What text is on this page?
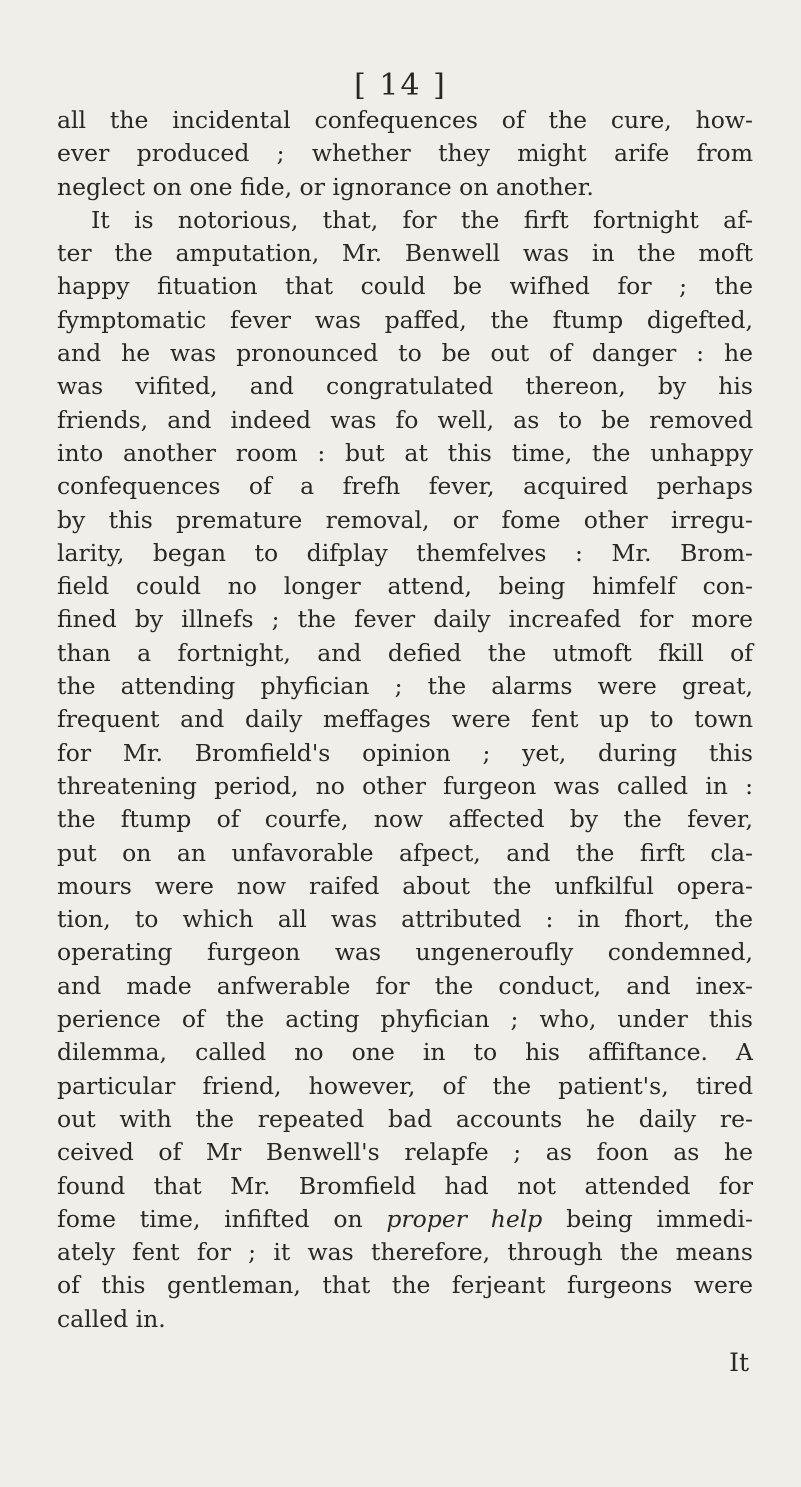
[ 14 ]
all the incidental confequences of the cure, how-
ever produced ; whether they might arife from
neglect on one fide, or ignorance on another.
It is notorious, that, for the firft fortnight af-
ter the amputation, Mr. Benwell was in the moft
happy fituation that could be wifhed for ; the
fymptomatic fever was paffed, the ftump digefted,
and he was pronounced to be out of danger : he
was vifited, and congratulated thereon, by his
friends, and indeed was fo well, as to be removed
into another room : but at this time, the unhappy
confequences of a frefh fever, acquired perhaps
by this premature removal, or fome other irregu-
larity, began to difplay themfelves : Mr. Brom-
field could no longer attend, being himfelf con-
fined by illnefs ; the fever daily increafed for more
than a fortnight, and defied the utmoft fkill of
the attending phyfician ; the alarms were great,
frequent and daily meffages were fent up to town
for Mr. Bromfield's opinion ; yet, during this
threatening period, no other furgeon was called in :
the ftump of courfe, now affected by the fever,
put on an unfavorable afpect, and the firft cla-
mours were now raifed about the unfkilful opera-
tion, to which all was attributed : in fhort, the
operating furgeon was ungeneroufly condemned,
and made anfwerable for the conduct, and inex-
perience of the acting phyfician ; who, under this
dilemma, called no one in to his affiftance. A
particular friend, however, of the patient's, tired
out with the repeated bad accounts he daily re-
ceived of Mr Benwell's relapfe ; as foon as he
found that Mr. Bromfield had not attended for
fome time, infifted on proper help being immedi-
ately fent for ; it was therefore, through the means
of this gentleman, that the ferjeant furgeons were
called in.
It
